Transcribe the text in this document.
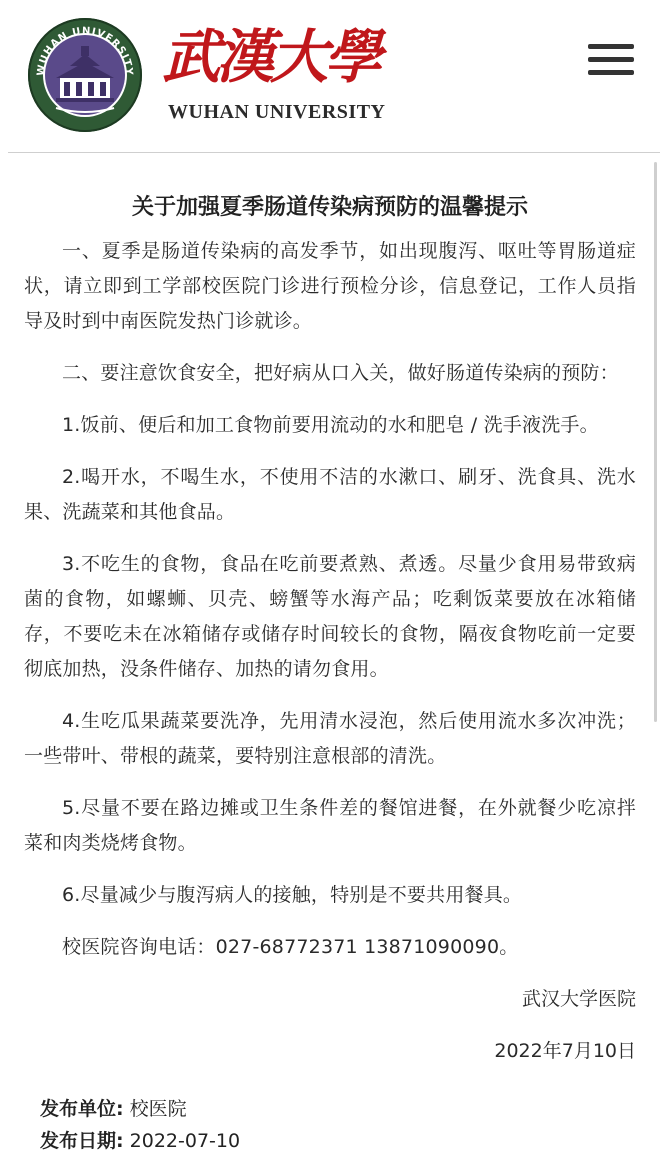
WUHAN UNIVERSITY 武漢大學
WUHAN UNIVERSITY
关于加强夏季肠道传染病预防的温馨提示

一、夏季是肠道传染病的高发季节，如出现腹泻、呕吐等胃肠道症状，请立即到工学部校医院门诊进行预检分诊，信息登记，工作人员指导及时到中南医院发热门诊就诊。

二、要注意饮食安全，把好病从口入关，做好肠道传染病的预防：

1.饭前、便后和加工食物前要用流动的水和肥皂 / 洗手液洗手。

2.喝开水，不喝生水，不使用不洁的水漱口、刷牙、洗食具、洗水果、洗蔬菜和其他食品。

3.不吃生的食物，食品在吃前要煮熟、煮透。尽量少食用易带致病菌的食物，如螺蛳、贝壳、螃蟹等水海产品；吃剩饭菜要放在冰箱储存，不要吃未在冰箱储存或储存时间较长的食物，隔夜食物吃前一定要彻底加热，没条件储存、加热的请勿食用。

4.生吃瓜果蔬菜要洗净，先用清水浸泡，然后使用流水多次冲洗；一些带叶、带根的蔬菜，要特别注意根部的清洗。

5.尽量不要在路边摊或卫生条件差的餐馆进餐，在外就餐少吃凉拌菜和肉类烧烤食物。

6.尽量减少与腹泻病人的接触，特别是不要共用餐具。

校医院咨询电话：027-68772371 13871090090。

武汉大学医院

2022年7月10日

发布单位: 校医院
发布日期: 2022-07-10
